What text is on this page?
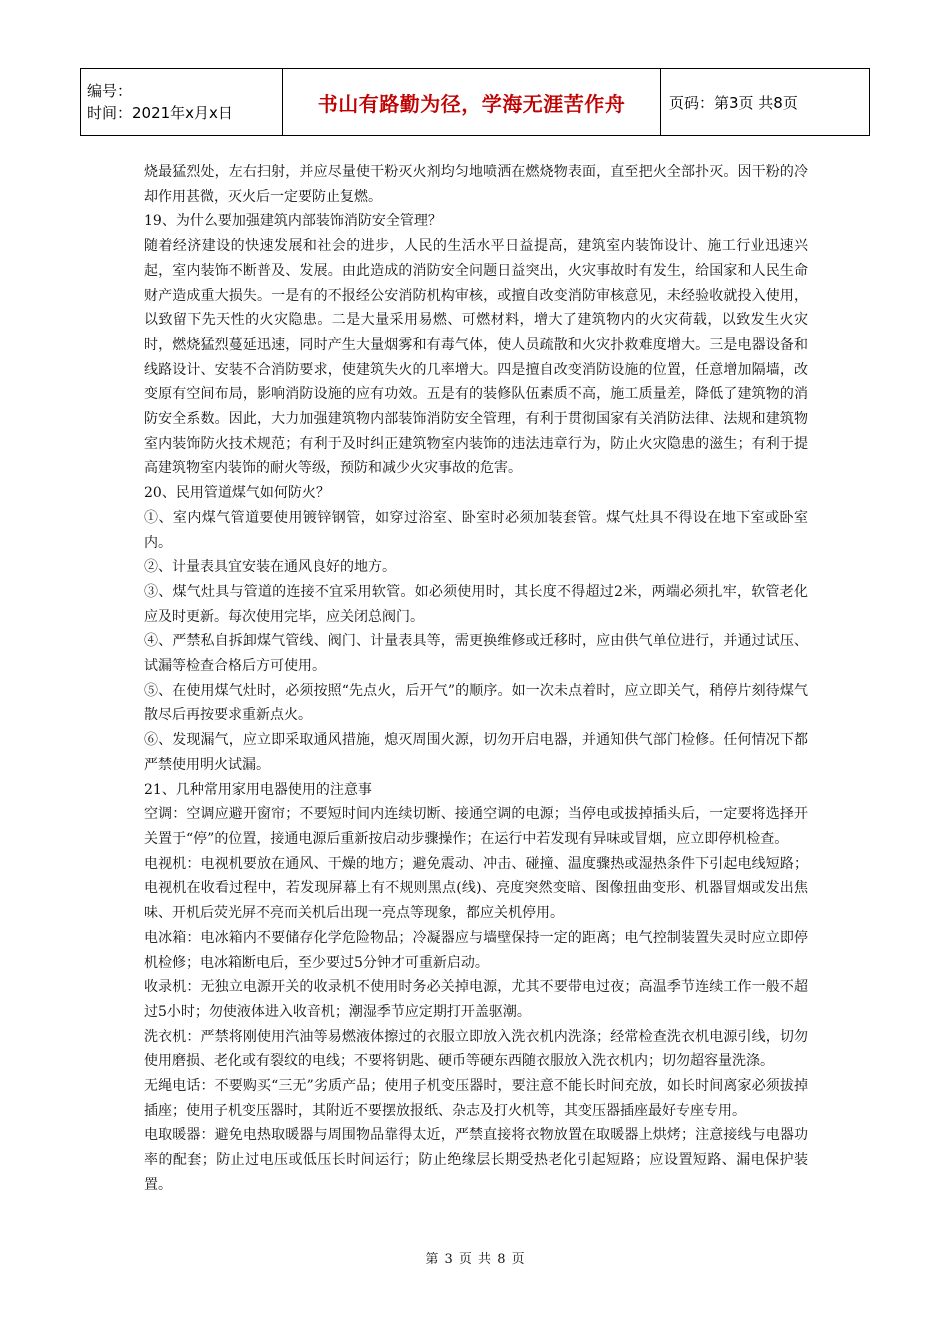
编号：
时间：2021年x月x日	书山有路勤为径，学海无涯苦作舟	页码：第3页 共8页

烧最猛烈处，左右扫射，并应尽量使干粉灭火剂均匀地喷洒在燃烧物表面，直至把火全部扑灭。因干粉的冷却作用甚微，灭火后一定要防止复燃。

19、为什么要加强建筑内部装饰消防安全管理？

随着经济建设的快速发展和社会的进步，人民的生活水平日益提高，建筑室内装饰设计、施工行业迅速兴起，室内装饰不断普及、发展。由此造成的消防安全问题日益突出，火灾事故时有发生，给国家和人民生命财产造成重大损失。一是有的不报经公安消防机构审核，或擅自改变消防审核意见，未经验收就投入使用，以致留下先天性的火灾隐患。二是大量采用易燃、可燃材料，增大了建筑物内的火灾荷载，以致发生火灾时，燃烧猛烈蔓延迅速，同时产生大量烟雾和有毒气体，使人员疏散和火灾扑救难度增大。三是电器设备和线路设计、安装不合消防要求，使建筑失火的几率增大。四是擅自改变消防设施的位置，任意增加隔墙，改变原有空间布局，影响消防设施的应有功效。五是有的装修队伍素质不高，施工质量差，降低了建筑物的消防安全系数。因此，大力加强建筑物内部装饰消防安全管理，有利于贯彻国家有关消防法律、法规和建筑物室内装饰防火技术规范；有利于及时纠正建筑物室内装饰的违法违章行为，防止火灾隐患的滋生；有利于提高建筑物室内装饰的耐火等级，预防和减少火灾事故的危害。

20、民用管道煤气如何防火？

①、室内煤气管道要使用镀锌钢管，如穿过浴室、卧室时必须加装套管。煤气灶具不得设在地下室或卧室内。

②、计量表具宜安装在通风良好的地方。

③、煤气灶具与管道的连接不宜采用软管。如必须使用时，其长度不得超过2米，两端必须扎牢，软管老化应及时更新。每次使用完毕，应关闭总阀门。

④、严禁私自拆卸煤气管线、阀门、计量表具等，需更换维修或迁移时，应由供气单位进行，并通过试压、试漏等检查合格后方可使用。

⑤、在使用煤气灶时，必须按照“先点火，后开气”的顺序。如一次未点着时，应立即关气，稍停片刻待煤气散尽后再按要求重新点火。

⑥、发现漏气，应立即采取通风措施，熄灭周围火源，切勿开启电器，并通知供气部门检修。任何情况下都严禁使用明火试漏。

21、几种常用家用电器使用的注意事

空调：空调应避开窗帘；不要短时间内连续切断、接通空调的电源；当停电或拔掉插头后，一定要将选择开关置于“停”的位置，接通电源后重新按启动步骤操作；在运行中若发现有异味或冒烟，应立即停机检查。

电视机：电视机要放在通风、干燥的地方；避免震动、冲击、碰撞、温度骤热或湿热条件下引起电线短路；电视机在收看过程中，若发现屏幕上有不规则黑点(线)、亮度突然变暗、图像扭曲变形、机器冒烟或发出焦味、开机后荧光屏不亮而关机后出现一亮点等现象，都应关机停用。

电冰箱：电冰箱内不要储存化学危险物品；冷凝器应与墙壁保持一定的距离；电气控制装置失灵时应立即停机检修；电冰箱断电后，至少要过5分钟才可重新启动。

收录机：无独立电源开关的收录机不使用时务必关掉电源，尤其不要带电过夜；高温季节连续工作一般不超过5小时；勿使液体进入收音机；潮湿季节应定期打开盖驱潮。

洗衣机：严禁将刚使用汽油等易燃液体擦过的衣服立即放入洗衣机内洗涤；经常检查洗衣机电源引线，切勿使用磨损、老化或有裂纹的电线；不要将钥匙、硬币等硬东西随衣服放入洗衣机内；切勿超容量洗涤。

无绳电话：不要购买“三无”劣质产品；使用子机变压器时，要注意不能长时间充放，如长时间离家必须拔掉插座；使用子机变压器时，其附近不要摆放报纸、杂志及打火机等，其变压器插座最好专座专用。

电取暖器：避免电热取暖器与周围物品靠得太近，严禁直接将衣物放置在取暖器上烘烤；注意接线与电器功率的配套；防止过电压或低压长时间运行；防止绝缘层长期受热老化引起短路；应设置短路、漏电保护装置。

第 3 页 共 8 页
